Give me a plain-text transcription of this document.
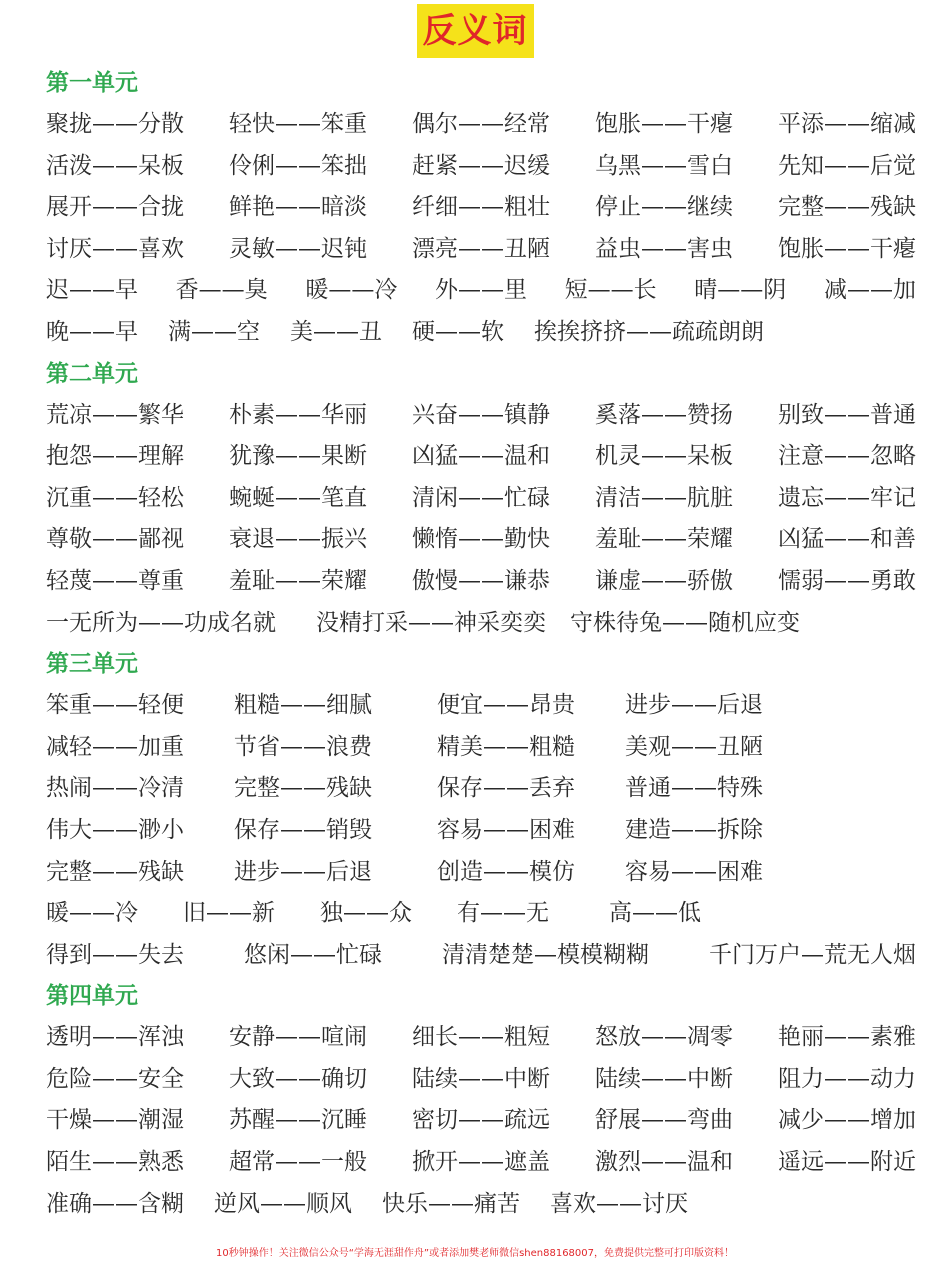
反义词
第一单元
聚拢——分散 轻快——笨重 偶尔——经常 饱胀——干瘪 平添——缩减
活泼——呆板 伶俐——笨拙 赶紧——迟缓 乌黑——雪白 先知——后觉
展开——合拢 鲜艳——暗淡 纤细——粗壮 停止——继续 完整——残缺
讨厌——喜欢 灵敏——迟钝 漂亮——丑陋 益虫——害虫 饱胀——干瘪
迟——早 香——臭 暖——冷 外——里 短——长 晴——阴 减——加
晚——早 满——空 美——丑 硬——软 挨挨挤挤——疏疏朗朗
第二单元
荒凉——繁华 朴素——华丽 兴奋——镇静 奚落——赞扬 别致——普通
抱怨——理解 犹豫——果断 凶猛——温和 机灵——呆板 注意——忽略
沉重——轻松 蜿蜒——笔直 清闲——忙碌 清洁——肮脏 遗忘——牢记
尊敬——鄙视 衰退——振兴 懒惰——勤快 羞耻——荣耀 凶猛——和善
轻蔑——尊重 羞耻——荣耀 傲慢——谦恭 谦虚——骄傲 懦弱——勇敢
一无所为——功成名就 没精打采——神采奕奕 守株待兔——随机应变
第三单元
笨重——轻便 粗糙——细腻	便宜——昂贵 进步——后退
减轻——加重 节省——浪费	精美——粗糙 美观——丑陋
热闹——冷清 完整——残缺	保存——丢弃 普通——特殊
伟大——渺小 保存——销毁	容易——困难 建造——拆除
完整——残缺 进步——后退	创造——模仿 容易——困难
暖——冷 旧——新 独——众 有——无	高——低
得到——失去	悠闲——忙碌	清清楚楚—模模糊糊	千门万户—荒无人烟
第四单元
透明——浑浊 安静——喧闹 细长——粗短 怒放——凋零 艳丽——素雅
危险——安全 大致——确切 陆续——中断 陆续——中断 阻力——动力
干燥——潮湿 苏醒——沉睡 密切——疏远 舒展——弯曲 减少——增加
陌生——熟悉 超常——一般 掀开——遮盖 激烈——温和 遥远——附近
准确——含糊 逆风——顺风 快乐——痛苦 喜欢——讨厌
10秒钟操作！关注微信公众号“学海无涯甜作舟”或者添加樊老师微信shen88168007，免费提供完整可打印版资料！
